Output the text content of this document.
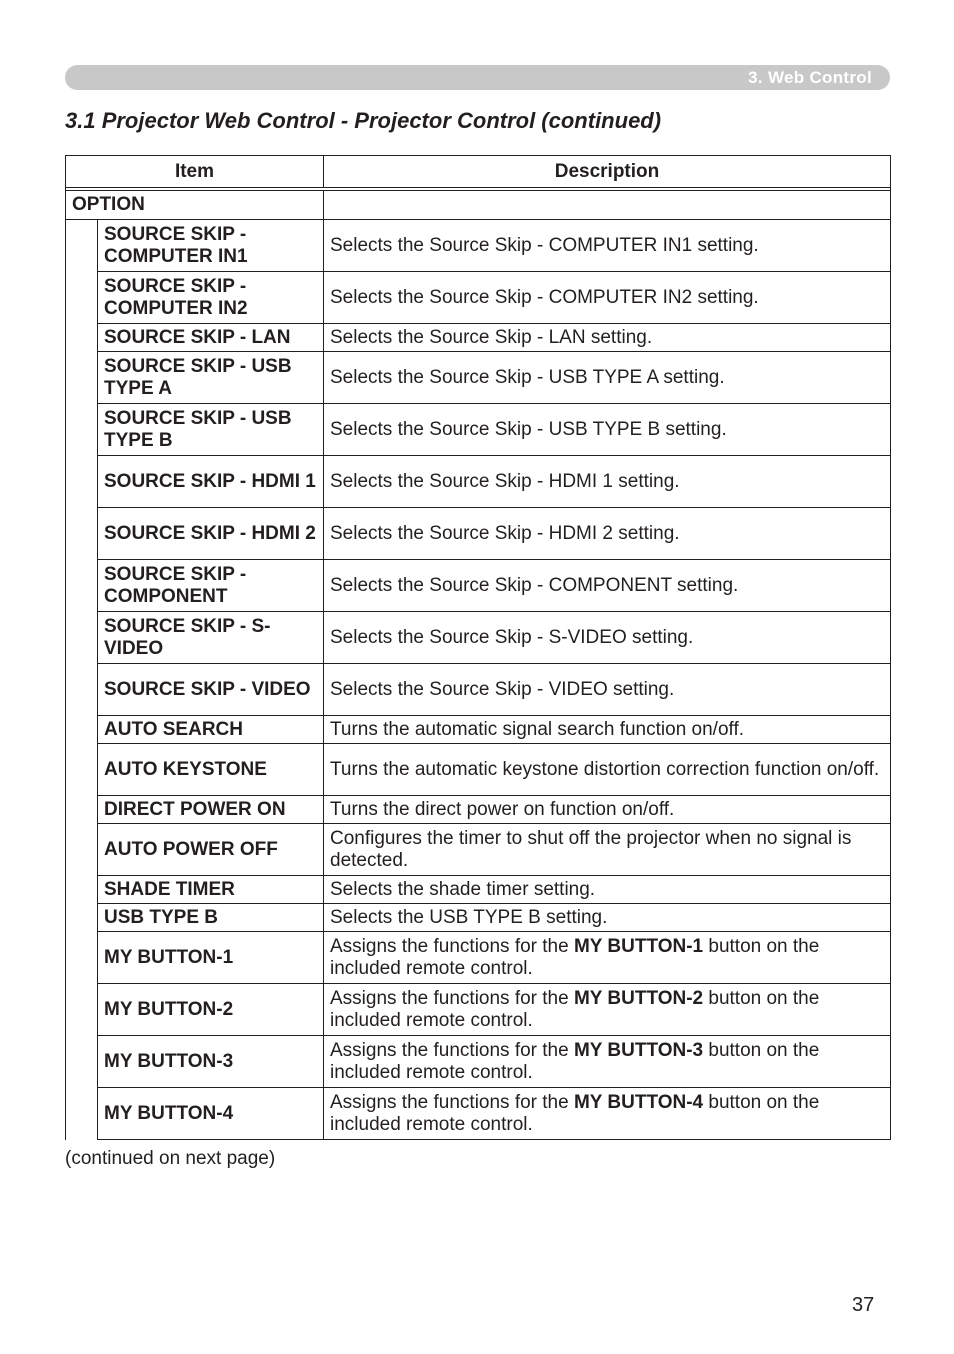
3. Web Control
3.1 Projector Web Control - Projector Control (continued)
Item		Description

OPTION		
	SOURCE SKIP - COMPUTER IN1	Selects the Source Skip - COMPUTER IN1 setting.
	SOURCE SKIP - COMPUTER IN2	Selects the Source Skip - COMPUTER IN2 setting.
	SOURCE SKIP - LAN	Selects the Source Skip - LAN setting.
	SOURCE SKIP - USB TYPE A	Selects the Source Skip - USB TYPE A setting.
	SOURCE SKIP - USB TYPE B	Selects the Source Skip - USB TYPE B setting.
	SOURCE SKIP - HDMI 1	Selects the Source Skip - HDMI 1 setting.
	SOURCE SKIP - HDMI 2	Selects the Source Skip - HDMI 2 setting.
	SOURCE SKIP - COMPONENT	Selects the Source Skip - COMPONENT setting.
	SOURCE SKIP - S-VIDEO	Selects the Source Skip - S-VIDEO setting.
	SOURCE SKIP - VIDEO	Selects the Source Skip - VIDEO setting.
	AUTO SEARCH	Turns the automatic signal search function on/off.
	AUTO KEYSTONE	Turns the automatic keystone distortion correction function on/off.
	DIRECT POWER ON	Turns the direct power on function on/off.
	AUTO POWER OFF	Configures the timer to shut off the projector when no signal is detected.
	SHADE TIMER	Selects the shade timer setting.
	USB TYPE B	Selects the USB TYPE B setting.
	MY BUTTON-1	Assigns the functions for the MY BUTTON-1 button on the included remote control.
	MY BUTTON-2	Assigns the functions for the MY BUTTON-2 button on the included remote control.
	MY BUTTON-3	Assigns the functions for the MY BUTTON-3 button on the included remote control.
	MY BUTTON-4	Assigns the functions for the MY BUTTON-4 button on the included remote control.
(continued on next page)
37
